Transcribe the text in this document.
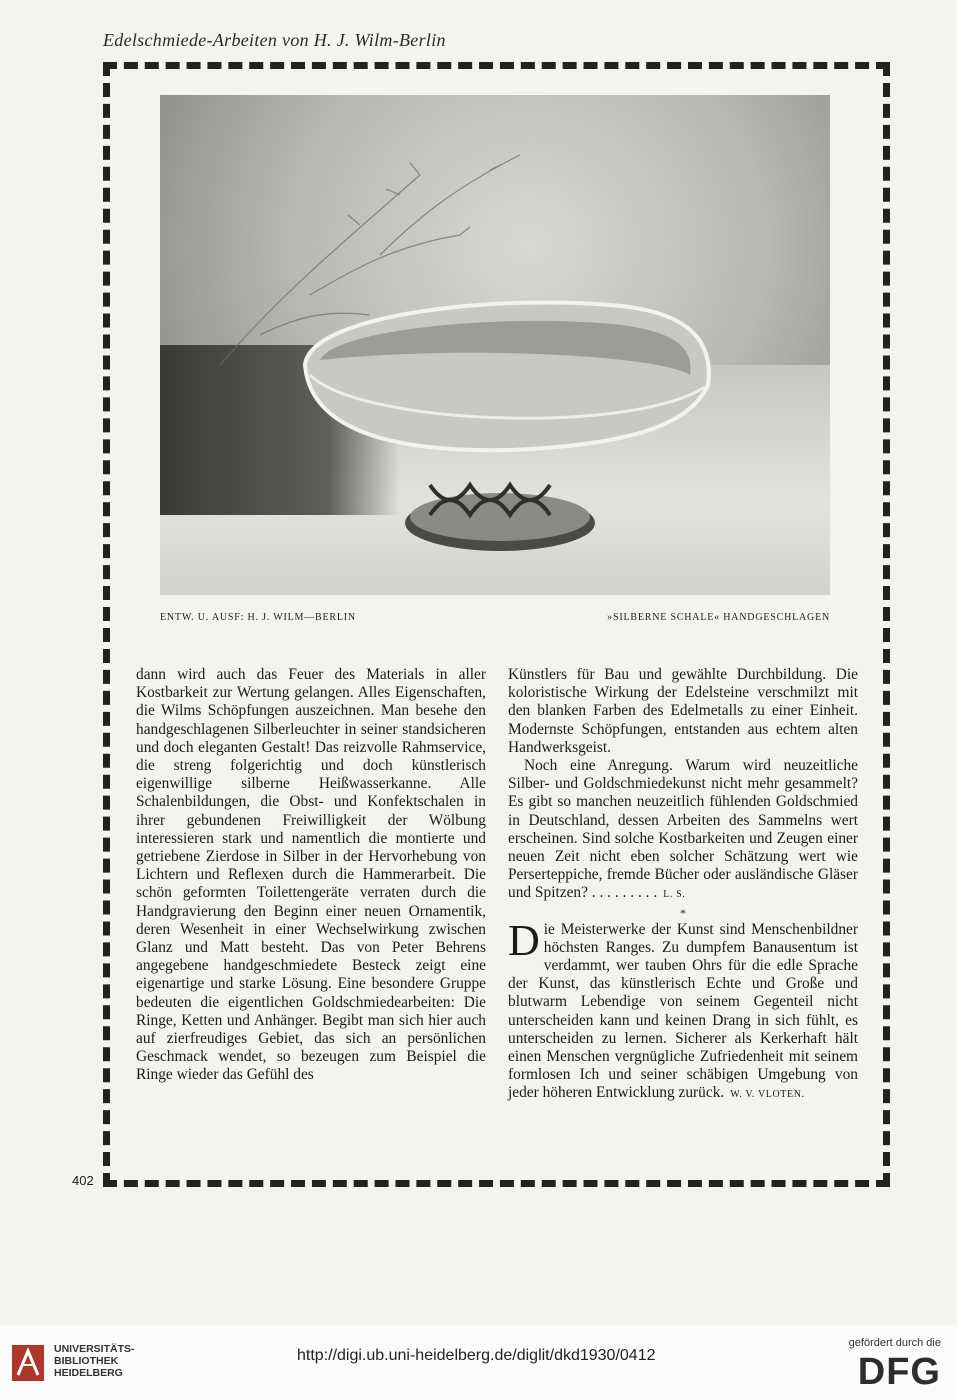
Edelschmiede-Arbeiten von H. J. Wilm-Berlin
ENTW. U. AUSF: H. J. WILM—BERLIN	»SILBERNE SCHALE« HANDGESCHLAGEN

dann wird auch das Feuer des Materials in aller Kostbarkeit zur Wertung gelangen. Alles Eigenschaften, die Wilms Schöpfungen auszeichnen. Man besehe den handgeschlagenen Silberleuchter in seiner standsicheren und doch eleganten Gestalt! Das reizvolle Rahmservice, die streng folgerichtig und doch künstlerisch eigenwillige silberne Heißwasserkanne. Alle Schalenbildungen, die Obst- und Konfektschalen in ihrer gebundenen Freiwilligkeit der Wölbung interessieren stark und namentlich die montierte und getriebene Zierdose in Silber in der Hervorhebung von Lichtern und Reflexen durch die Hammerarbeit. Die schön geformten Toilettengeräte verraten durch die Handgravierung den Beginn einer neuen Ornamentik, deren Wesenheit in einer Wechselwirkung zwischen Glanz und Matt besteht. Das von Peter Behrens angegebene handgeschmiedete Besteck zeigt eine eigenartige und starke Lösung. Eine besondere Gruppe bedeuten die eigentlichen Goldschmiedearbeiten: Die Ringe, Ketten und Anhänger. Begibt man sich hier auch auf zierfreudiges Gebiet, das sich an persönlichen Geschmack wendet, so bezeugen zum Beispiel die Ringe wieder das Gefühl des

Künstlers für Bau und gewählte Durchbildung. Die koloristische Wirkung der Edelsteine verschmilzt mit den blanken Farben des Edelmetalls zu einer Einheit. Modernste Schöpfungen, entstanden aus echtem alten Handwerksgeist.

Noch eine Anregung. Warum wird neuzeitliche Silber- und Goldschmiedekunst nicht mehr gesammelt? Es gibt so manchen neuzeitlich fühlenden Goldschmied in Deutschland, dessen Arbeiten des Sammelns wert erscheinen. Sind solche Kostbarkeiten und Zeugen einer neuen Zeit nicht eben solcher Schätzung wert wie Perserteppiche, fremde Bücher oder ausländische Gläser und Spitzen? . . . . . . . . . L. S.

*

Die Meisterwerke der Kunst sind Menschenbildner höchsten Ranges. Zu dumpfem Banausentum ist verdammt, wer tauben Ohrs für die edle Sprache der Kunst, das künstlerisch Echte und Große und blutwarm Lebendige von seinem Gegenteil nicht unterscheiden kann und keinen Drang in sich fühlt, es unterscheiden zu lernen. Sicherer als Kerkerhaft hält einen Menschen vergnügliche Zufriedenheit mit seinem formlosen Ich und seiner schäbigen Umgebung von jeder höheren Entwicklung zurück. W. V. VLOTEN.

402
UNIVERSITÄTS-
BIBLIOTHEK
HEIDELBERG
http://digi.ub.uni-heidelberg.de/diglit/dkd1930/0412
gefördert durch die
DFG
